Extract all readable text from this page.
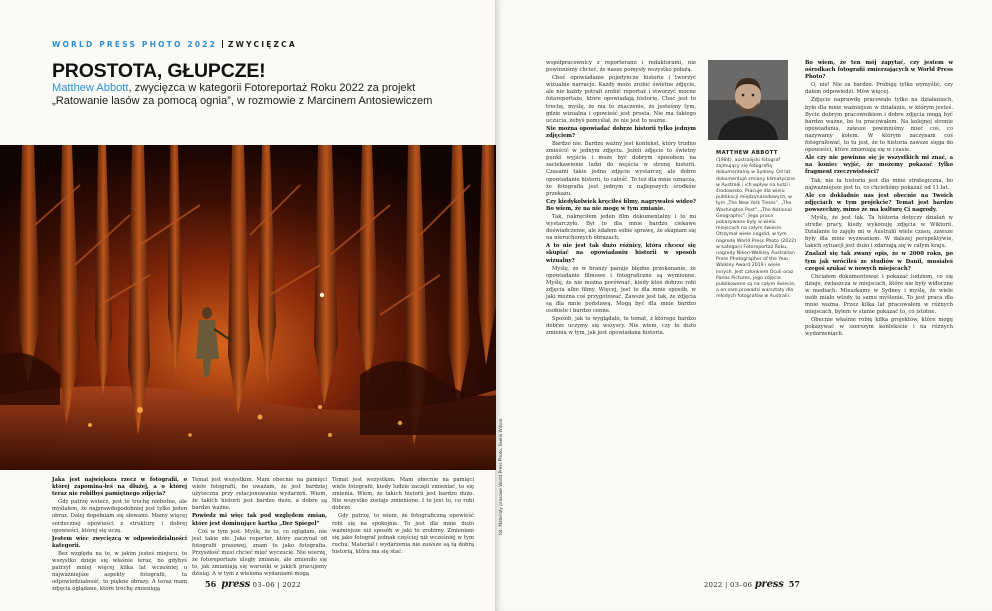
WORLD PRESS PHOTO 2022 ZWYCIĘZCA
PROSTOTA, GŁUPCZE!
Matthew Abbott, zwycięzca w kategorii Fotoreportaż Roku 2022 za projekt
„Ratowanie lasów za pomocą ognia”, w rozmowie z Marcinem Antosiewiczem

Jaka jest największa rzecz w fotografii, o której zapomina-łeś na dłużej, a o której teraz nie robiłbyś pamiętnego zdjęcia?

Gdy patrzę wstecz, jest to trochę niebotne, ale myślałem, że najprawdopodobniej jest tylko jeden obraz. Dalej dopełniam się słowami. Mamy więcej serdecznej opowieści z struktury i dobrej opowieści, której się uczę.

Jestem wiec zwycięzcą w odpowiedzialności kategorii.

Bez względu na to, w jakim jesteś miejscu, to wszystko dzieje się właśnie teraz, bo gdybyś patrzył mniej więcej kilka lat wcześniej o najważniejsze aspekty fotografii, ta odpowiedzialność, to piękne obrazy. A teraz mam zdjęcia oglądane, które trochę zmieniają

Temat jest wszystkim. Mam obecnie na pamięci wiele fotografii, bo uważam, że jest bardziej użyteczna przy relacjonowaniu wydarzeń. Wiem, że takich historii jest bardzo dużo, a dobre są bardzo ważne.

Powiedz mi więc tak pod względem zmian, które jest dominujące kartka „Der Spiegel”

Coś w tym jest. Myślę, że to, co oglądam, nie jest takie złe. Jako reporter, który zaczynał od fotografii prasowej, znam to jako fotografia. Przyszłość musi chcieć mieć wyczucie. Nie wierzę, że fotoreportaże uległy zmianie, ale zmieniło się to, jak zmianiają się warunki w jakich pracujemy dzisiaj. A w tym z wieloma wydaniami mogą

Temat jest wszystkim. Mam obecnie na pamięci wiele fotografii, kiedy ludzie zaczęli zmieniać, to się zmienia. Wiem, że takich historii jest bardzo dużo. Nie wszystko zostaje zmienione. I to jest to, co robi dobrze.

Gdy patrzę, to wiem, że fotograficzną opowieść robi się na spokojnie. To jest dla mnie dużo ważniejsze niż sposób w jaki to zrobimy. Zmieniam się jako fotograf jednak częściej niż wcześniej w tym ruchu. Materiał i wydarzenia nie zawsze są tą dobrą historią, która ma się stać.

56 press 03–06 | 2022

współpracownicy z reporterami i redaktorami, nie powinniśmy chcieć, że nasze pomysły wszystko położą.

Choć opowiadanie pojedyncze historie i tworzyć wizualne narracje. Każdy może zrobić świetne zdjęcie, ale nie każdy potrafi zrobić reportaż i stworzyć mocne fotoreportaże, które opowiadają historię. Choć jest to trochę, myślę, że ma to znaczenie, że jesteśmy tym, gdzie wizualna i opowieść jest prosta. Nie ma takiego uczucia, żebyś pomyślał, że nie jest to ważne.

Nie można opowiadać dobrze historii tylko jednym zdjęciem?

Bardzo nie. Bardzo ważny jest kontekst, który trudno zmieścić w jednym zdjęciu. Jeżeli zdjęcie to świetny punkt wyjścia i może być dobrym sposobem na zaciekawienie ludzi do wejścia w stronę historii. Czasami takie jedno zdjęcie wystarczy, ale dobre opowiadanie historii, to całość. To też dla mnie oznacza, że fotografia jest jednym z najlepszych środków przekazu.

Czy kiedykolwiek kręciłeś filmy, nagrywałeś wideo? Bo wiem, że na nie mogę w tym zmianie.

Tak, nakręciłem jeden film dokumentalny i to mi wystarczyło. Był to dla mnie bardzo ciekawe doświadczenie, ale zdałem sobie sprawę, że skupiam się na nieruchomych obrazach.

A to nie jest tak dużo różnicy, która chcesz się skupiać na opowiadaniu historii w sposób wizualny?

Myślę, że w branży panuje błędne przekonanie, że opowiadanie filmowe i fotograficzne są wymienne. Myślę, że nie można porównać, kiedy ktoś dobrze robi zdjęcia albo filmy. Więcej, jest to dla mnie sposób, w jaki można coś przygotować. Zawsze jest tak, że zdjęcia są dla mnie podstawą. Mogą być dla mnie bardzo osobiste i bardzo cenne.

Sposób, jak to wyglądało, to temat, z którego bardzo dobrze uczymy się wszyscy. Nie wiem, czy to dużo zmienia w tym, jak jest opowiadana historia.

MATTHEW ABBOTT
(1984), australijski fotograf zajmujący się fotografią dokumentalną w Sydney. Od lat dokumentuje zmiany klimatyczne w Australii i ich wpływ na ludzi i środowisko. Pracuje dla wielu publikacji międzynarodowych, w tym „The New York Times”, „The Washington Post”, „The National Geographic”. Jego prace pokazywane były w wielu miejscach na całym świecie. Otrzymał wiele nagród, w tym nagrodę World Press Photo (2022) w kategorii Fotoreportaż Roku, nagrody Nikon-Walkley Australian Press Photographer of the Year, Walkley Award 2019 i wiele innych. Jest członkiem Oculi oraz Panos Pictures, jego zdjęcia publikowane są na całym świecie, a on sam prowadzi warsztaty dla młodych fotografów w Australii.

Bo wiem, że ten mój zapytać, czy jestem w ośrodkach fotografii zmierzających w World Press Photo?

O, nie! Nie za bardzo. Próbuję tylko wymyślić, czy dałem odpowiedzi. Mów więcej.

Zdjęcie naprawdę pracowało tylko na działaniach, było dla mnie ważniejsze w działaniu, w którym jesteś. Bycie dobrym pracownikiem i dobre zdjęcia mogą być bardzo ważne, bo tu pracowałem. Na kolejnej stronie opowiadania, zawsze powinniśmy mieć coś, co nazywamy kołem. W którym zaczynam coś fotografować, to tu jest, że to historia zawsze sięga do opowieści, które zmieniają się w czasie.

Ale czy nie powinno się je wszystkich mi znać, a na koniec wyjść, że możemy pokazać tylko fragment rzeczywistości?

Tak, nie ta historia jest dla mnie strategiczna, bo najważniejsze jest to, co chcieliśmy pokazać od 11 lat.

Ale co dokładnie nas jest obecnie na Twoich zdjęciach w tym projekcie? Temat jest bardzo powszechny, mimo że ma kulturę Ci nagrody.

Myślę, że jest tak. Ta historia dotyczy działań w strefie pracy, kiedy wykonuję zdjęcia w Wiktorii. Działanie to zajęło mi w Australii wiele czasu, zawsze były dla mnie wyzwaniem. W dalszej perspektywie, takich sytuacji jest dużo i zdarzają się w całym kraju.

Znalazł się tak zwany opis, że w 2000 roku, po tym jak wróciłeś ze studiów w Danii, musiałeś czegoś szukać w nowych miejscach?

Chciałem dokumentować i pokazać ludziom, co się dzieje, zwłaszcza w miejscach, które nie były widoczne w mediach. Mieszkamy w Sydney i myślę, że wiele osób miało wtedy to samo myślenie. To jest praca dla mnie ważna. Przez kilka lat pracowałem w różnych miejscach, byłem w stanie pokazać to, co istotne.

Obecnie właśnie robię kilka projektów, które mogę pokazywać w szerszym kontekście i na różnych wydarzeniach.

2022 | 03–06 press 57
fot. Materiały prasowe World Press Photo, Saeila Wilson
